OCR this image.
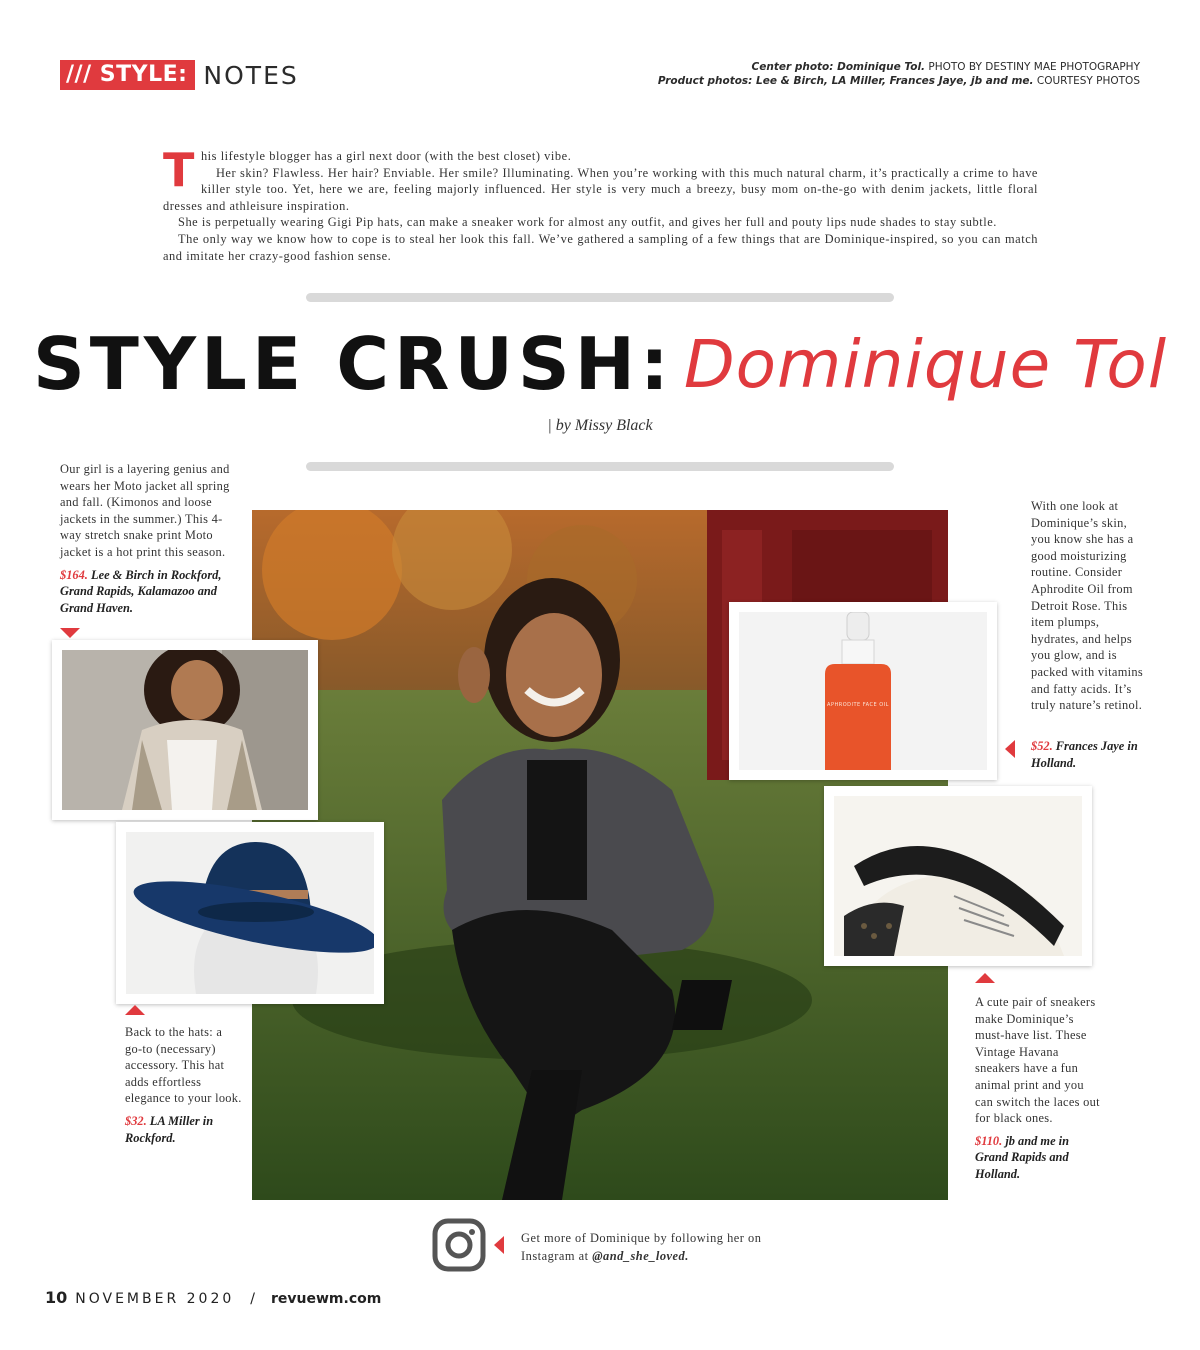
/// STYLE: NOTES	Center photo: Dominique Tol. PHOTO BY DESTINY MAE PHOTOGRAPHY
Product photos: Lee & Birch, LA Miller, Frances Jaye, jb and me. COURTESY PHOTOS
T his lifestyle blogger has a girl next door (with the best closet) vibe.

Her skin? Flawless. Her hair? Enviable. Her smile? Illuminating. When you’re working with this much natural charm, it’s practically a crime to have killer style too. Yet, here we are, feeling majorly influenced. Her style is very much a breezy, busy mom on-the-go with denim jackets, little floral dresses and athleisure inspiration.

She is perpetually wearing Gigi Pip hats, can make a sneaker work for almost any outfit, and gives her full and pouty lips nude shades to stay subtle.

The only way we know how to cope is to steal her look this fall. We’ve gathered a sampling of a few things that are Dominique-inspired, so you can match and imitate her crazy-good fashion sense.

STYLE CRUSH: Dominique Tol
| by Missy Black
Our girl is a layering genius and wears her Moto jacket all spring and fall. (Kimonos and loose jackets in the summer.) This 4-way stretch snake print Moto jacket is a hot print this season.
$164. Lee & Birch in Rockford, Grand Rapids, Kalamazoo and Grand Haven.
Back to the hats: a go-to (necessary) accessory. This hat adds effortless elegance to your look.
$32. LA Miller in Rockford.
APHRODITE FACE OIL
With one look at Dominique’s skin, you know she has a good moisturizing routine. Consider Aphrodite Oil from Detroit Rose. This item plumps, hydrates, and helps you glow, and is packed with vitamins and fatty acids. It’s truly nature’s retinol.
$52. Frances Jaye in Holland.
A cute pair of sneakers make Dominique’s must-have list. These Vintage Havana sneakers have a fun animal print and you can switch the laces out for black ones.
$110. jb and me in Grand Rapids and Holland.
Get more of Dominique by following her on Instagram at @and_she_loved.
10 NOVEMBER 2020 / revuewm.com
